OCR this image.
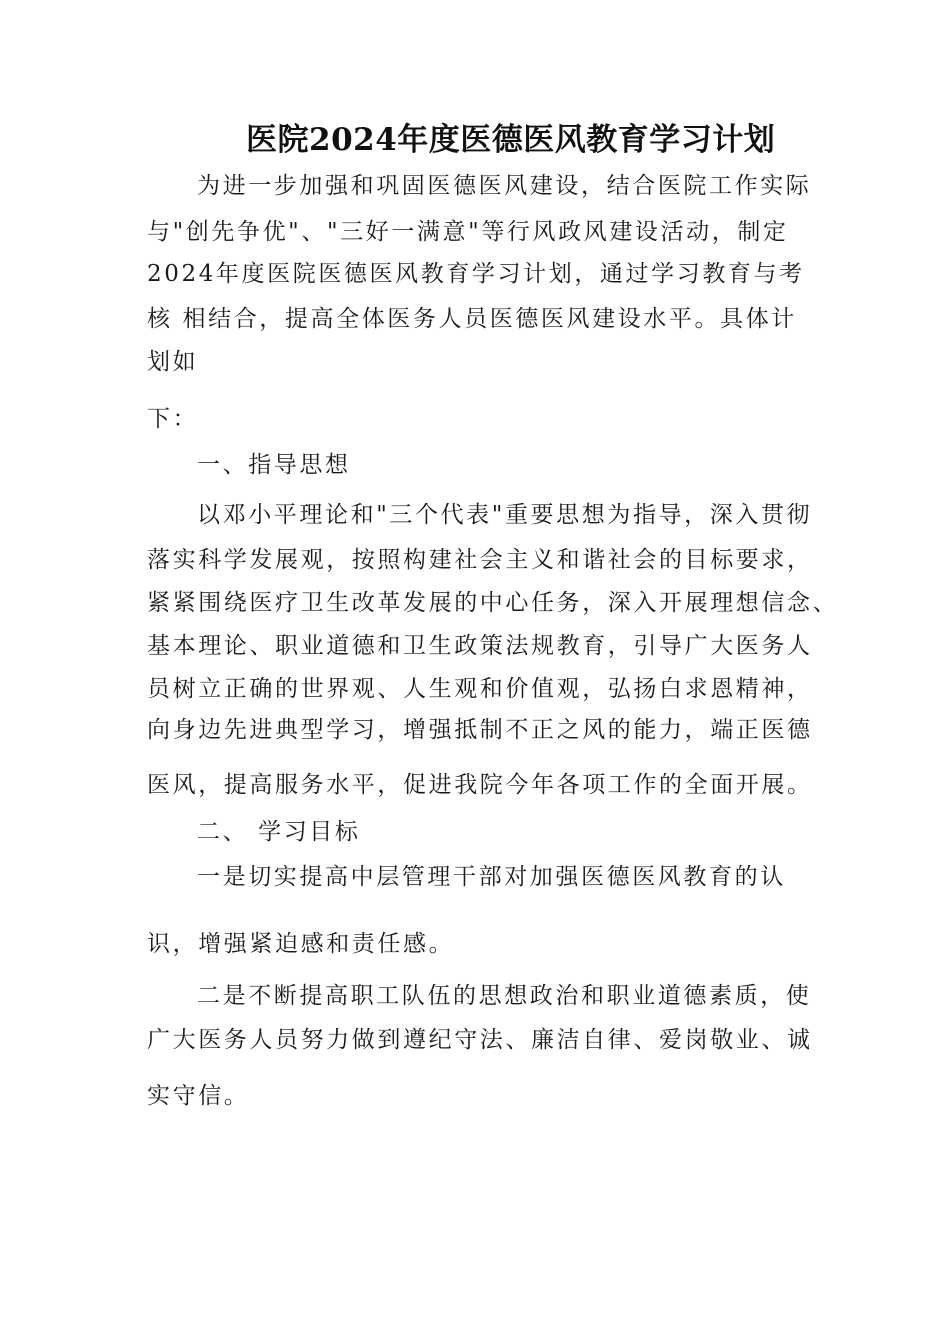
医院2024年度医德医风教育学习计划
为进一步加强和巩固医德医风建设，结合医院工作实际
与"创先争优"、"三好一满意"等行风政风建设活动，制定
2024年度医院医德医风教育学习计划，通过学习教育与考
核 相结合，提高全体医务人员医德医风建设水平。具体计
划如
下：
一、指导思想
以邓小平理论和"三个代表"重要思想为指导，深入贯彻
落实科学发展观，按照构建社会主义和谐社会的目标要求，
紧紧围绕医疗卫生改革发展的中心任务，深入开展理想信念、
基本理论、职业道德和卫生政策法规教育，引导广大医务人
员树立正确的世界观、人生观和价值观，弘扬白求恩精神，
向身边先进典型学习，增强抵制不正之风的能力，端正医德
医风，提高服务水平，促进我院今年各项工作的全面开展。
二、 学习目标
一是切实提高中层管理干部对加强医德医风教育的认
识，增强紧迫感和责任感。
二是不断提高职工队伍的思想政治和职业道德素质，使
广大医务人员努力做到遵纪守法、廉洁自律、爱岗敬业、诚
实守信。
